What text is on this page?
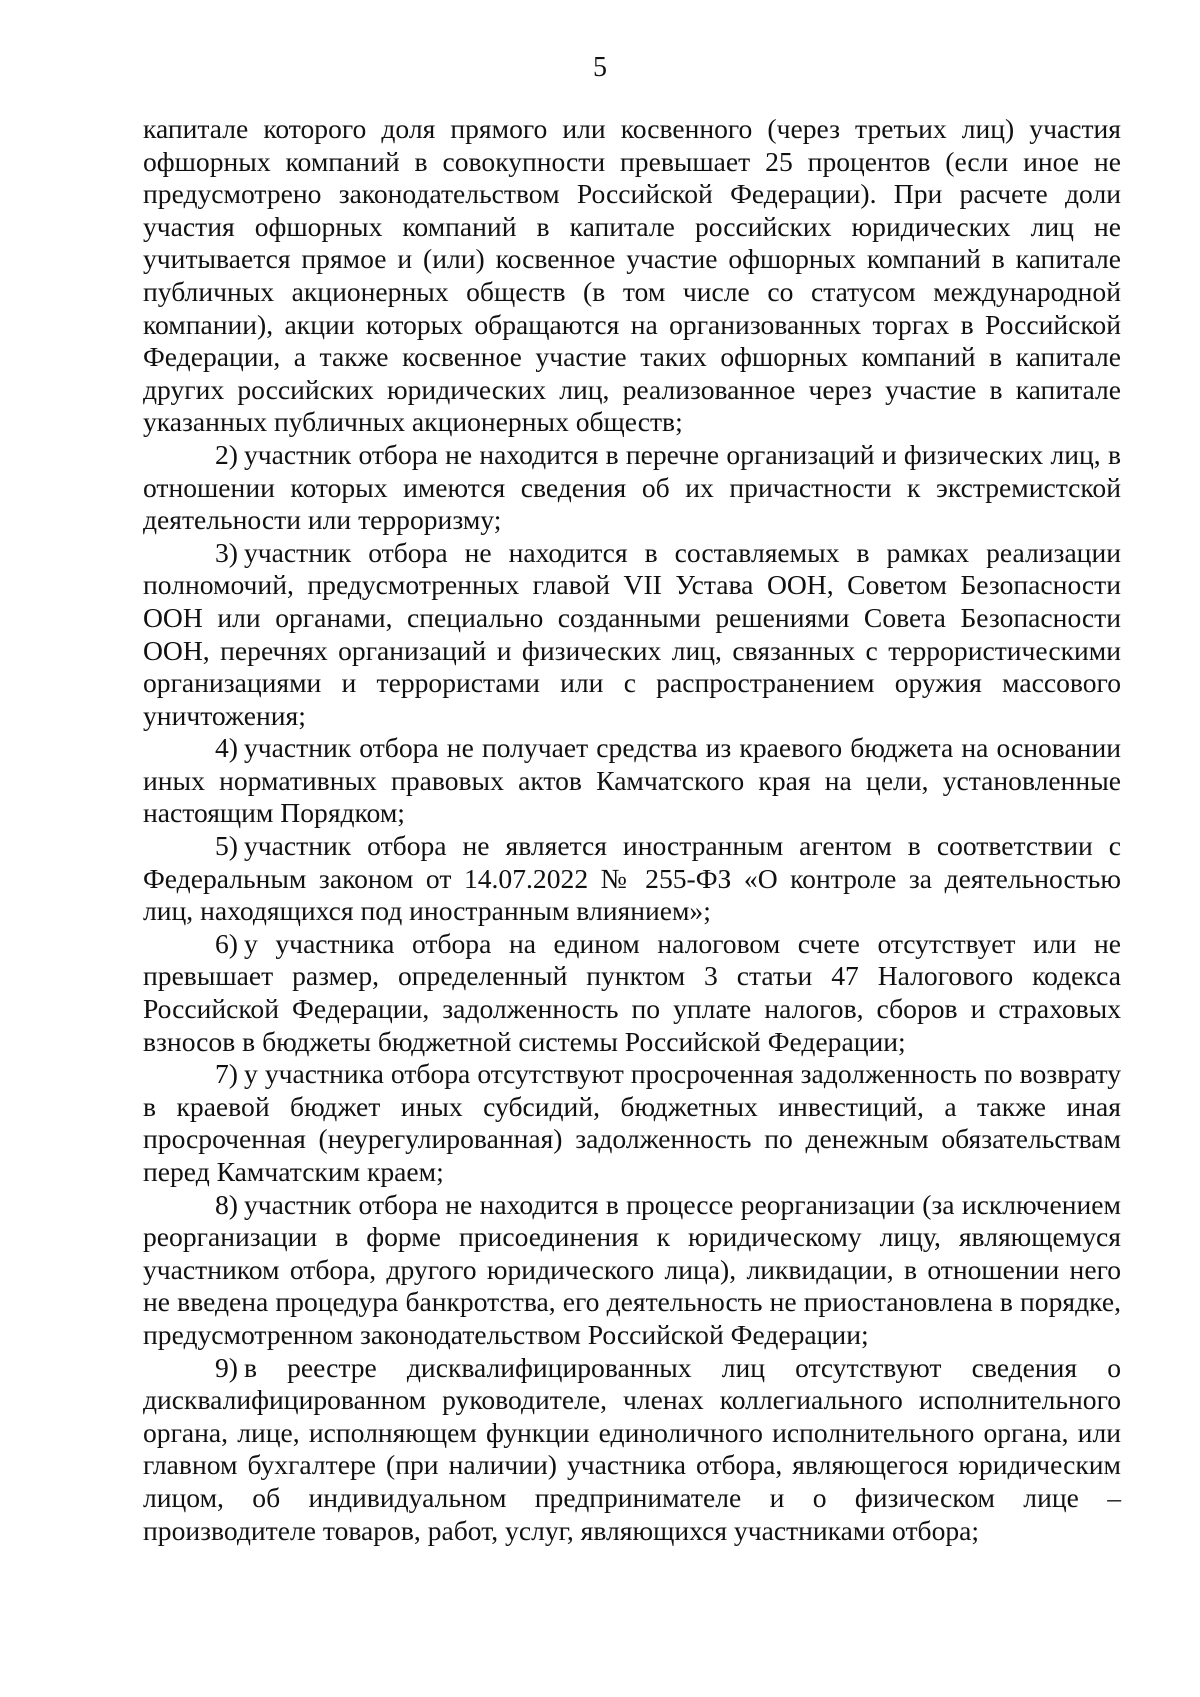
5

капитале которого доля прямого или косвенного (через третьих лиц) участия офшорных компаний в совокупности превышает 25 процентов (если иное не предусмотрено законодательством Российской Федерации). При расчете доли участия офшорных компаний в капитале российских юридических лиц не учитывается прямое и (или) косвенное участие офшорных компаний в капитале публичных акционерных обществ (в том числе со статусом международной компании), акции которых обращаются на организованных торгах в Российской Федерации, а также косвенное участие таких офшорных компаний в капитале других российских юридических лиц, реализованное через участие в капитале указанных публичных акционерных обществ;

2) участник отбора не находится в перечне организаций и физических лиц, в отношении которых имеются сведения об их причастности к экстремистской деятельности или терроризму;

3) участник отбора не находится в составляемых в рамках реализации полномочий, предусмотренных главой VII Устава ООН, Советом Безопасности ООН или органами, специально созданными решениями Совета Безопасности ООН, перечнях организаций и физических лиц, связанных с террористическими организациями и террористами или с распространением оружия массового уничтожения;

4) участник отбора не получает средства из краевого бюджета на основании иных нормативных правовых актов Камчатского края на цели, установленные настоящим Порядком;

5) участник отбора не является иностранным агентом в соответствии с Федеральным законом от 14.07.2022 № 255-ФЗ «О контроле за деятельностью лиц, находящихся под иностранным влиянием»;

6) у участника отбора на едином налоговом счете отсутствует или не превышает размер, определенный пунктом 3 статьи 47 Налогового кодекса Российской Федерации, задолженность по уплате налогов, сборов и страховых взносов в бюджеты бюджетной системы Российской Федерации;

7) у участника отбора отсутствуют просроченная задолженность по возврату в краевой бюджет иных субсидий, бюджетных инвестиций, а также иная просроченная (неурегулированная) задолженность по денежным обязательствам перед Камчатским краем;

8) участник отбора не находится в процессе реорганизации (за исключением реорганизации в форме присоединения к юридическому лицу, являющемуся участником отбора, другого юридического лица), ликвидации, в отношении него не введена процедура банкротства, его деятельность не приостановлена в порядке, предусмотренном законодательством Российской Федерации;

9) в реестре дисквалифицированных лиц отсутствуют сведения о дисквалифицированном руководителе, членах коллегиального исполнительного органа, лице, исполняющем функции единоличного исполнительного органа, или главном бухгалтере (при наличии) участника отбора, являющегося юридическим лицом, об индивидуальном предпринимателе и о физическом лице – производителе товаров, работ, услуг, являющихся участниками отбора;
